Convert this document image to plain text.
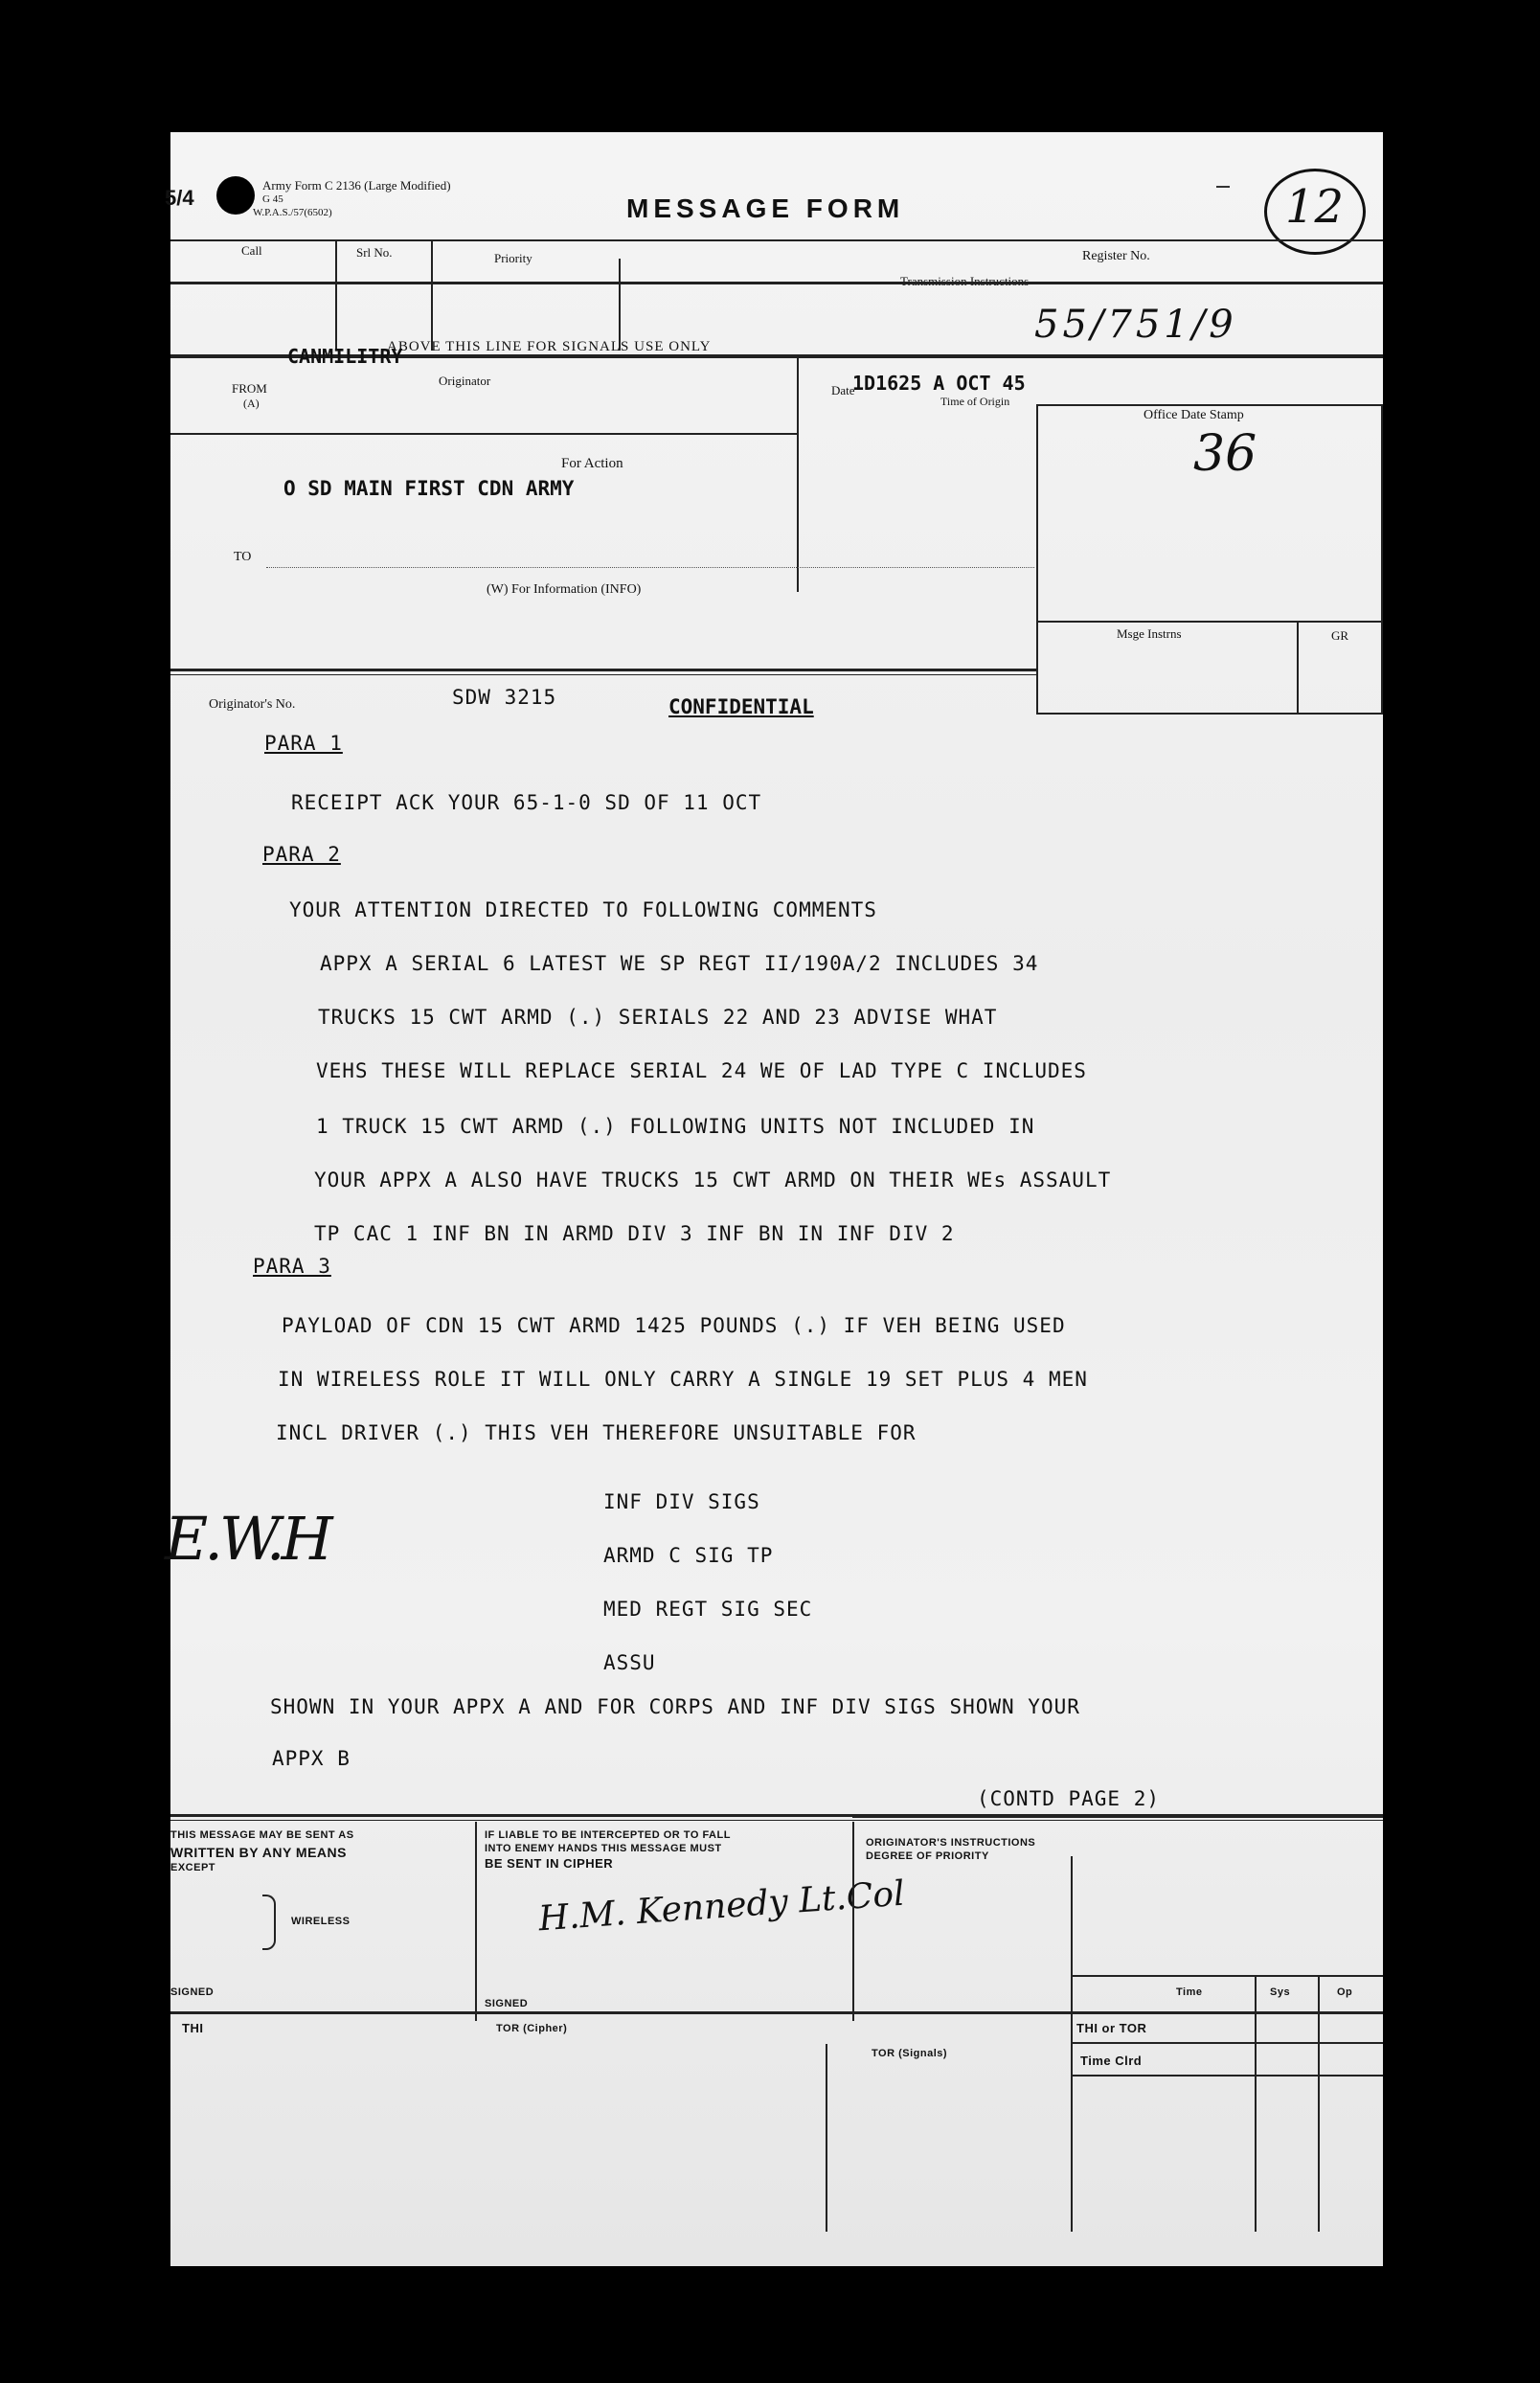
5/4
Army Form C 2136 (Large Modified)
G 45
W.P.A.S./57(6502)	MESSAGE FORM	12
Register No.
Transmission Instructions
Call	Srl No.	Priority
ABOVE THIS LINE FOR SIGNALS USE ONLY	55/751/9
CANMILITRY
Originator
FROM
(A)
Date
1D1625 A OCT 45
Time of Origin
Office Date Stamp
36
Msge Instrns	GR
For Action
O SD MAIN FIRST CDN ARMY
TO
(W) For Information (INFO)
Originator's No.	SDW 3215	CONFIDENTIAL
PARA 1
RECEIPT ACK YOUR 65-1-0 SD OF 11 OCT
PARA 2
YOUR ATTENTION DIRECTED TO FOLLOWING COMMENTS
APPX A SERIAL 6 LATEST WE SP REGT II/190A/2 INCLUDES 34
TRUCKS 15 CWT ARMD (.) SERIALS 22 AND 23 ADVISE WHAT
VEHS THESE WILL REPLACE SERIAL 24 WE OF LAD TYPE C INCLUDES
1 TRUCK 15 CWT ARMD (.) FOLLOWING UNITS NOT INCLUDED IN
YOUR APPX A ALSO HAVE TRUCKS 15 CWT ARMD ON THEIR WEs ASSAULT
TP CAC 1 INF BN IN ARMD DIV 3 INF BN IN INF DIV 2
PARA 3
PAYLOAD OF CDN 15 CWT ARMD 1425 POUNDS (.) IF VEH BEING USED
IN WIRELESS ROLE IT WILL ONLY CARRY A SINGLE 19 SET PLUS 4 MEN
INCL DRIVER (.) THIS VEH THEREFORE UNSUITABLE FOR
INF DIV SIGS
ARMD C SIG TP
MED REGT SIG SEC
ASSU
E.W.H
SHOWN IN YOUR APPX A AND FOR CORPS AND INF DIV SIGS SHOWN YOUR
APPX B
(CONTD PAGE 2)
THIS MESSAGE MAY BE SENT AS
WRITTEN BY ANY MEANS
EXCEPT
WIRELESS
SIGNED
IF LIABLE TO BE INTERCEPTED OR TO FALL
INTO ENEMY HANDS THIS MESSAGE MUST
BE SENT IN CIPHER
H.M. Kennedy Lt.Col
SIGNED
ORIGINATOR'S INSTRUCTIONS
DEGREE OF PRIORITY
Time	Sys	Op
THI	TOR (Cipher)
TOR (Signals)
THI or TOR
Time Clrd
